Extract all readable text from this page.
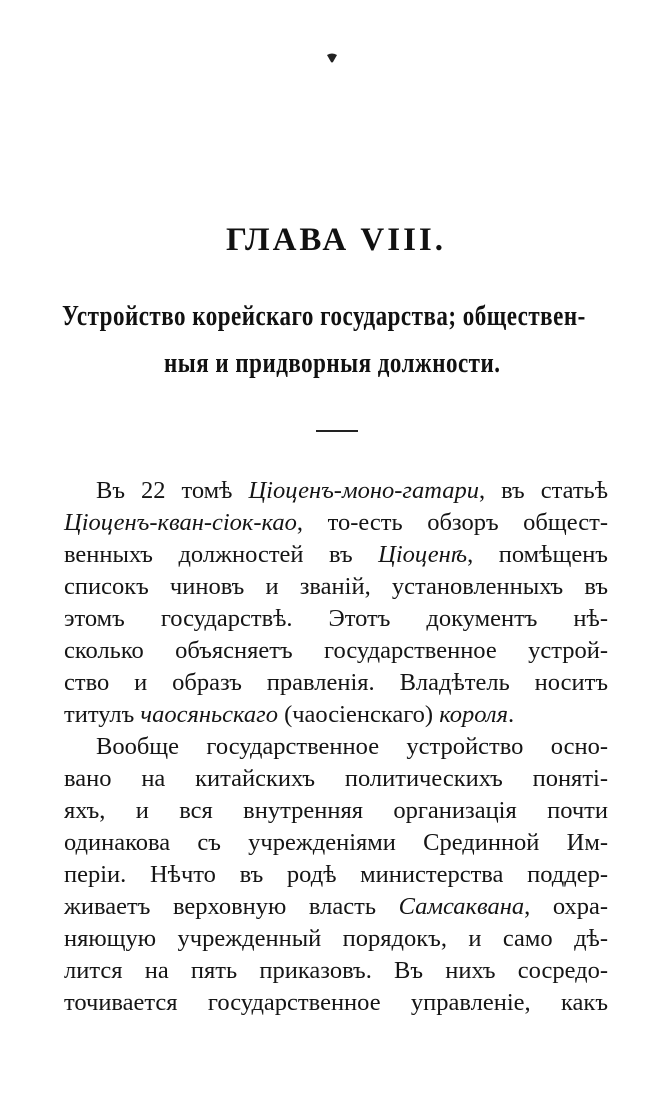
ГЛАВА VIII.
Устройство корейскаго государства; обществен-
ныя и придворныя должности.
Въ 22 томѣ Ціоценъ-моно-гатари, въ статьѣ
Ціоценъ-кван-сіок-као, то-есть обзоръ общест-
венныхъ должностей въ Ціоценѣ, помѣщенъ
списокъ чиновъ и званій, установленныхъ въ
этомъ государствѣ. Этотъ документъ нѣ-
сколько объясняетъ государственное устрой-
ство и образъ правленія. Владѣтель носитъ
титулъ чаосяньскаго (чаосіенскаго) короля.
Вообще государственное устройство осно-
вано на китайскихъ политическихъ понятi-
яхъ, и вся внутренняя организація почти
одинакова съ учрежденіями Срединной Им-
періи. Нѣчто въ родѣ министерства поддер-
живаетъ верховную власть Самсаквана, охра-
няющую учрежденный порядокъ, и само дѣ-
лится на пять приказовъ. Въ нихъ сосредо-
точивается государственное управленіе, какъ
